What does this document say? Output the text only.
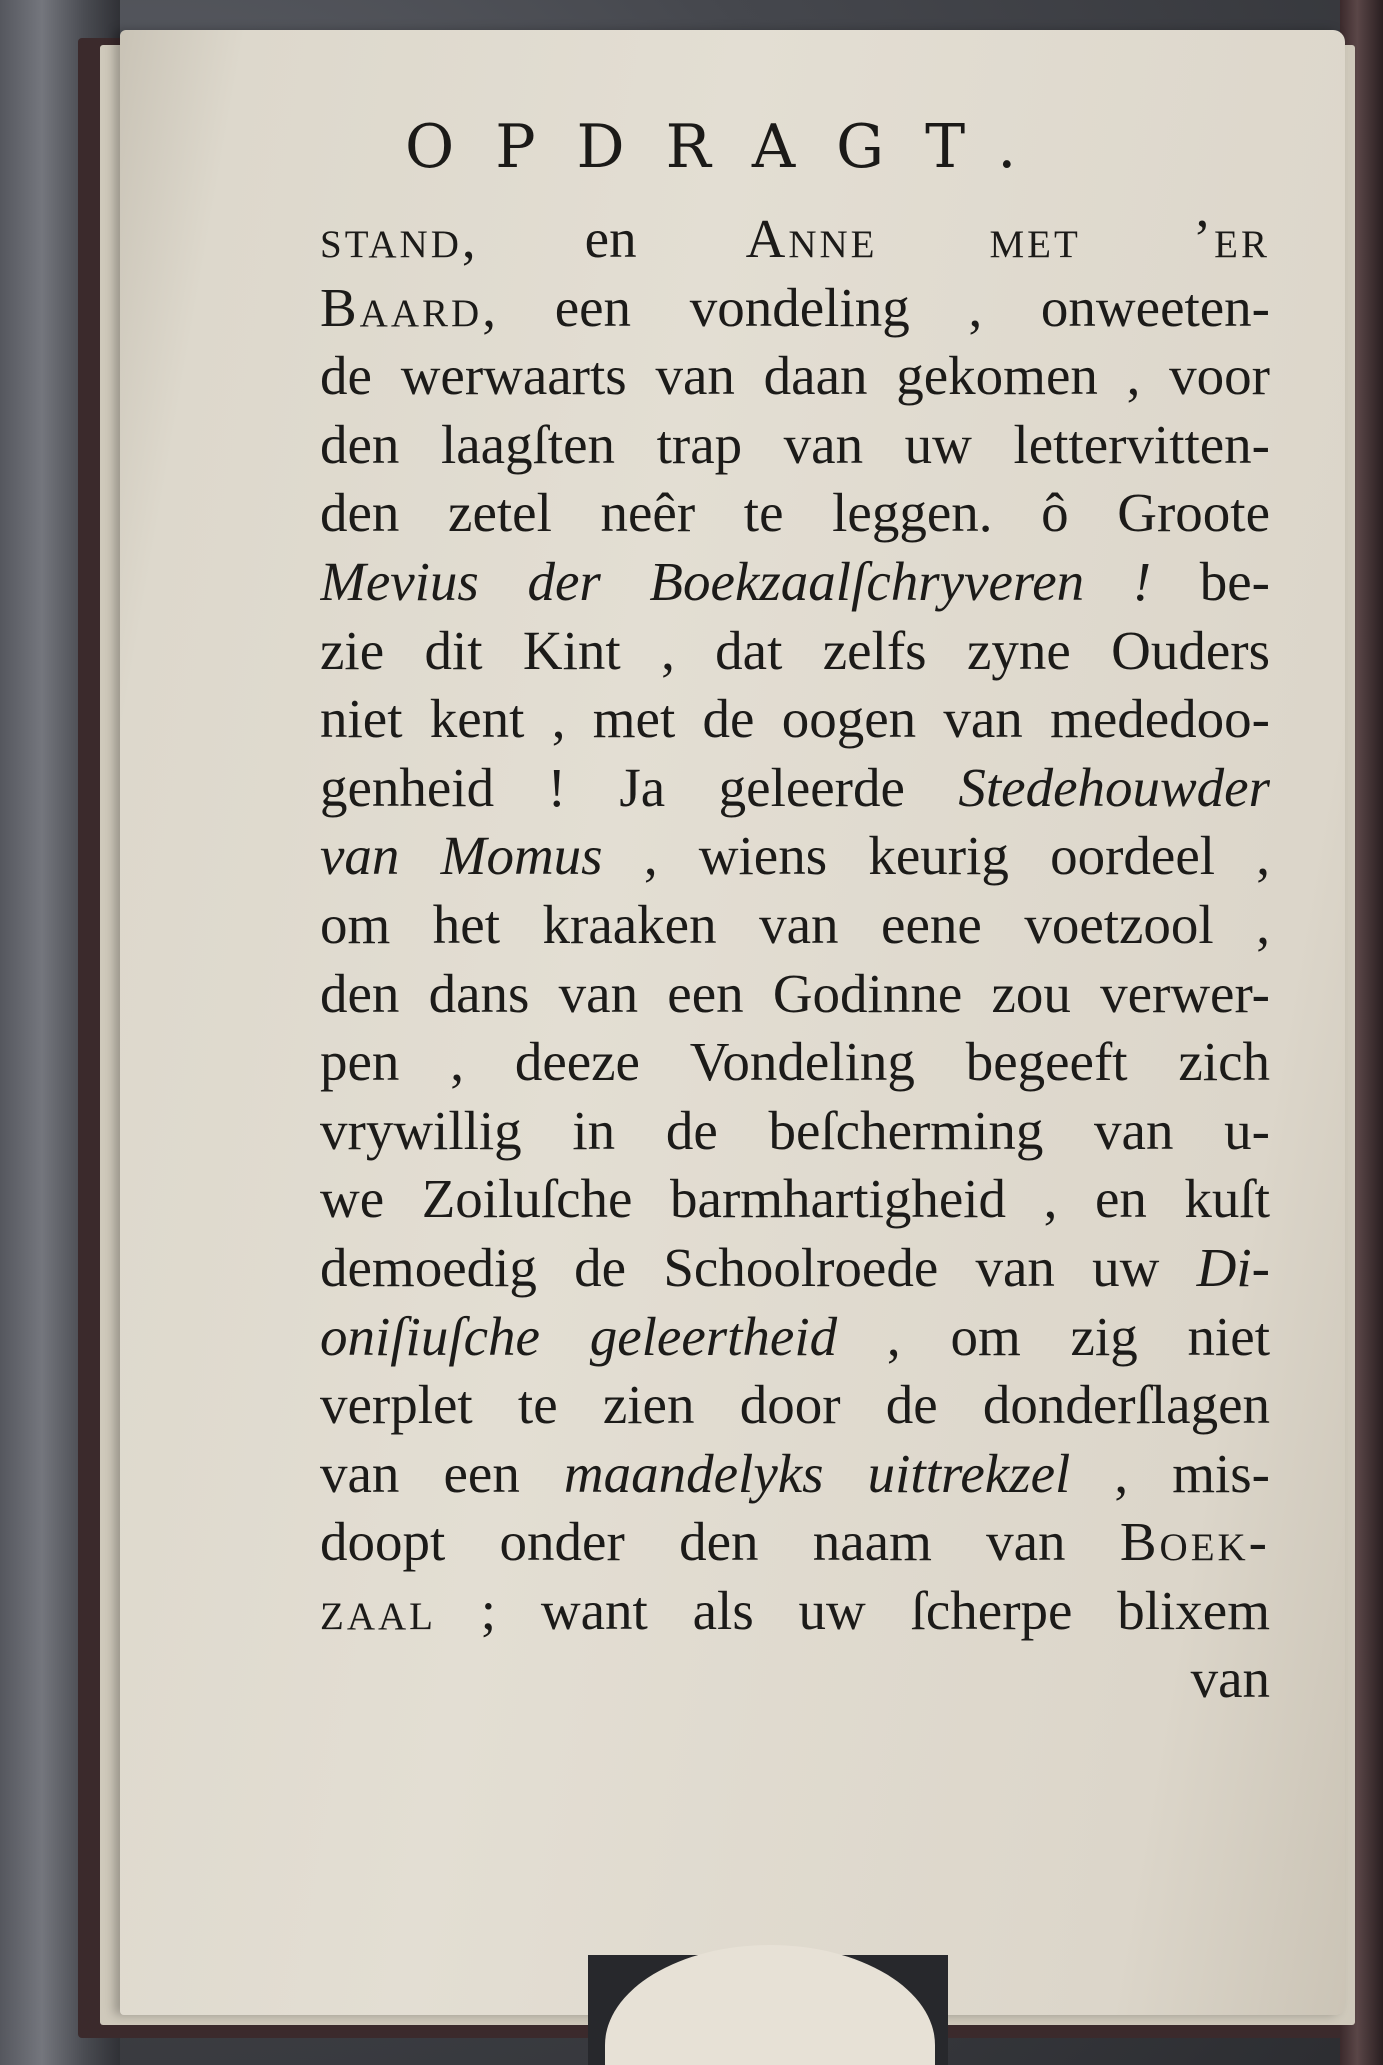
OPDRAGT.
stand, en Anne met ’er
Baard, een vondeling , onweeten-
de werwaarts van daan gekomen , voor
den laagſten trap van uw lettervitten-
den zetel neêr te leggen. ô Groote
Mevius der Boekzaalſchryveren ! be-
zie dit Kint , dat zelfs zyne Ouders
niet kent , met de oogen van mededoo-
genheid ! Ja geleerde Stedehouwder
van Momus , wiens keurig oordeel ,
om het kraaken van eene voetzool ,
den dans van een Godinne zou verwer-
pen , deeze Vondeling begeeft zich
vrywillig in de beſcherming van u-
we Zoiluſche barmhartigheid , en kuſt
demoedig de Schoolroede van uw Di-
oniſiuſche geleertheid , om zig niet
verplet te zien door de donderſlagen
van een maandelyks uittrekzel , mis-
doopt onder den naam van Boek-
zaal ; want als uw ſcherpe blixem
van
